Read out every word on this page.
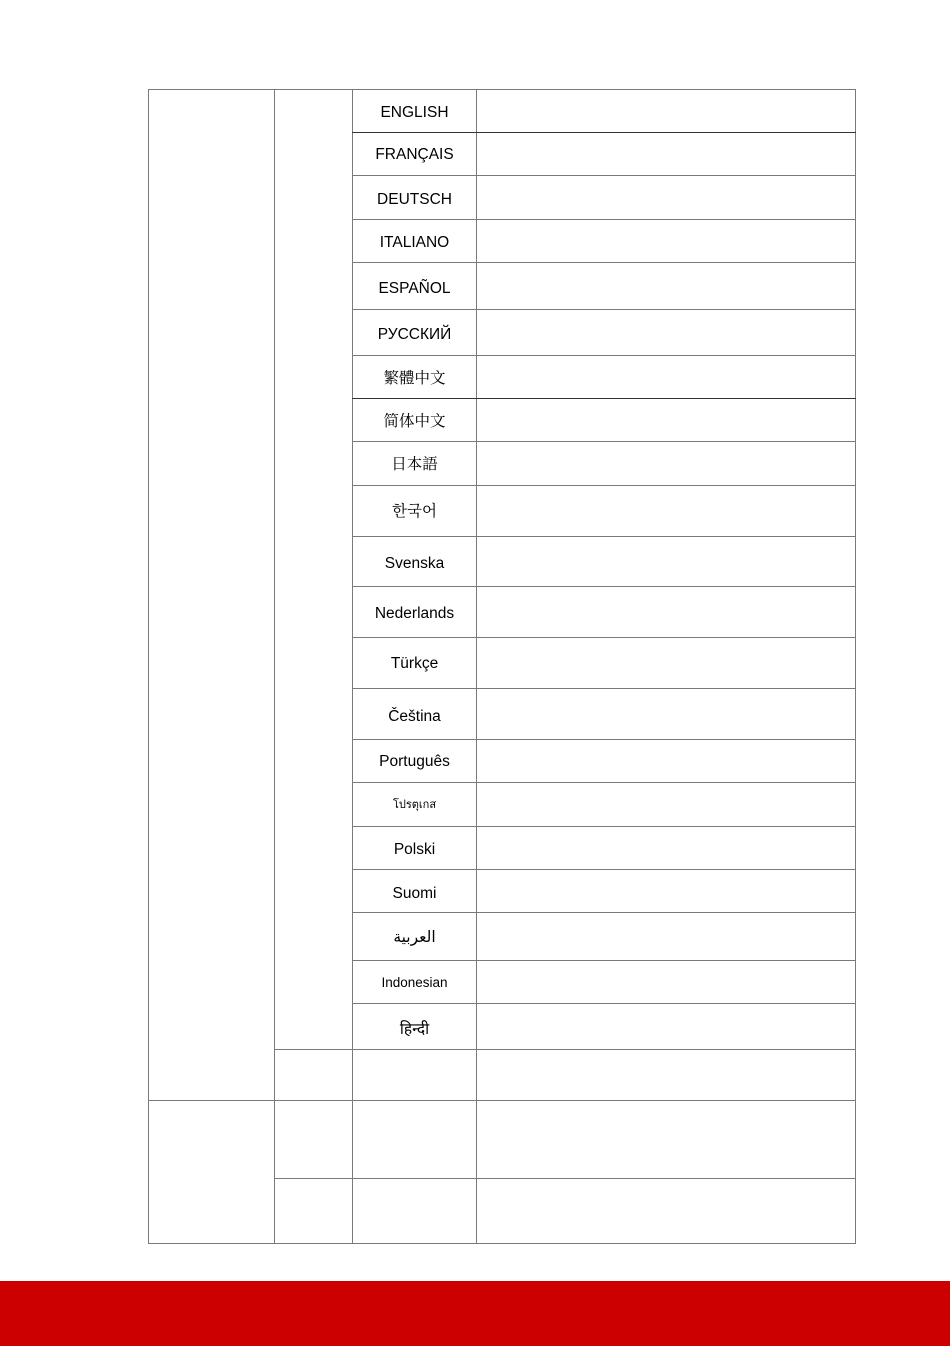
ENGLISH
FRANÇAIS
DEUTSCH
ITALIANO
ESPAÑOL
РУССКИЙ
繁體中文
简体中文
日本語
한국어
Svenska
Nederlands
Türkçe
Čeština
Português
โปรตุเกส
Polski
Suomi
العربية
Indonesian
हिन्दी
